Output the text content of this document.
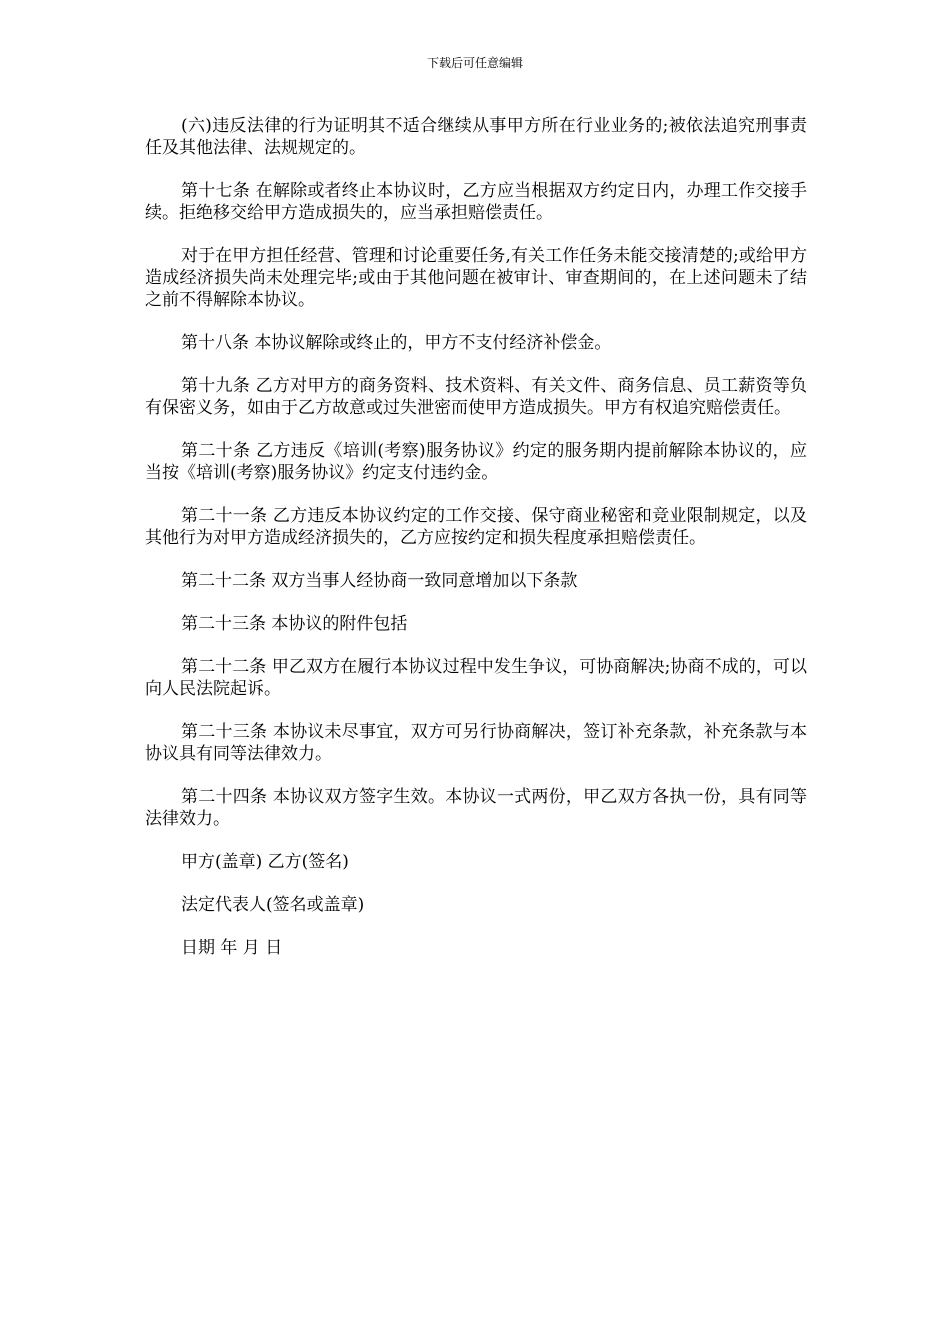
下载后可任意编辑

(六)违反法律的行为证明其不适合继续从事甲方所在行业业务的;被依法追究刑事责任及其他法律、法规规定的。

第十七条 在解除或者终止本协议时，乙方应当根据双方约定日内，办理工作交接手续。拒绝移交给甲方造成损失的，应当承担赔偿责任。

对于在甲方担任经营、管理和讨论重要任务,有关工作任务未能交接清楚的;或给甲方造成经济损失尚未处理完毕;或由于其他问题在被审计、审查期间的，在上述问题未了结之前不得解除本协议。

第十八条 本协议解除或终止的，甲方不支付经济补偿金。

第十九条 乙方对甲方的商务资料、技术资料、有关文件、商务信息、员工薪资等负有保密义务，如由于乙方故意或过失泄密而使甲方造成损失。甲方有权追究赔偿责任。

第二十条 乙方违反《培训(考察)服务协议》约定的服务期内提前解除本协议的，应当按《培训(考察)服务协议》约定支付违约金。

第二十一条 乙方违反本协议约定的工作交接、保守商业秘密和竞业限制规定，以及其他行为对甲方造成经济损失的，乙方应按约定和损失程度承担赔偿责任。

第二十二条 双方当事人经协商一致同意增加以下条款

第二十三条 本协议的附件包括

第二十二条 甲乙双方在履行本协议过程中发生争议，可协商解决;协商不成的，可以向人民法院起诉。

第二十三条 本协议未尽事宜，双方可另行协商解决，签订补充条款，补充条款与本协议具有同等法律效力。

第二十四条 本协议双方签字生效。本协议一式两份，甲乙双方各执一份，具有同等法律效力。

甲方(盖章) 乙方(签名)

法定代表人(签名或盖章)

日期 年 月 日
